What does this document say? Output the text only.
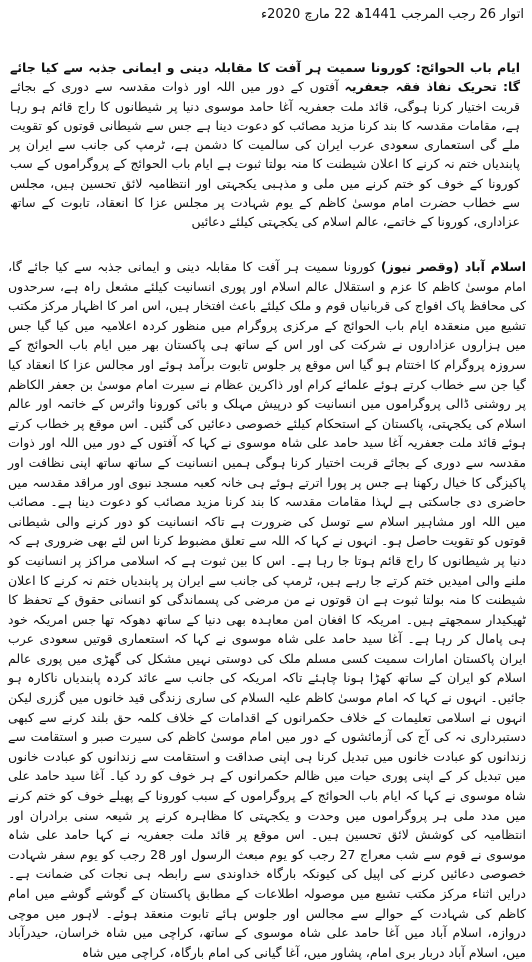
اتوار 26 رجب المرجب 1441ھ 22 مارچ 2020ء

ایام باب الحوائج: کورونا سمیت ہر آفت کا مقابلہ دینی و ایمانی جذبہ سے کیا جائے گا: تحریک نفاذ فقہ جعفریہ آفتوں کے دور میں اللہ اور ذوات مقدسہ سے دوری کے بجائے قربت اختیار کرنا ہوگی، قائد ملت جعفریہ آغا حامد موسوی دنیا پر شیطانوں کا راج قائم ہو رہا ہے، مقامات مقدسہ کا بند کرنا مزید مصائب کو دعوت دینا ہے جس سے شیطانی قوتوں کو تقویت ملے گی استعماری سعودی عرب ایران کی سالمیت کا دشمن ہے، ٹرمپ کی جانب سے ایران پر پابندیاں ختم نہ کرنے کا اعلان شیطنت کا منہ بولتا ثبوت ہے ایام باب الحوائج کے پروگراموں کے سب کورونا کے خوف کو ختم کرنے میں ملی و مذہبی یکجہتی اور انتظامیہ لائق تحسین ہیں، مجلس سے خطاب حضرت امام موسیٰ کاظم کے یوم شہادت پر مجلس عزا کا انعقاد، تابوت کے ساتھ عزاداری، کورونا کے خاتمے، عالم اسلام کی یکجہتی کیلئے دعائیں

اسلام آباد (وقصر نیوز) کورونا سمیت ہر آفت کا مقابلہ دینی و ایمانی جذبہ سے کیا جائے گا، امام موسیٰ کاظم کا عزم و استقلال عالم اسلام اور پوری انسانیت کیلئے مشعل راہ ہے، سرحدوں کی محافظ پاک افواج کی قربانیاں قوم و ملک کیلئے باعث افتخار ہیں، اس امر کا اظہار مرکز مکتب تشیع میں منعقدہ ایام باب الحوائج کے مرکزی پروگرام میں منظور کردہ اعلامیہ میں کیا گیا جس میں ہزاروں عزاداروں نے شرکت کی اور اس کے ساتھ ہی پاکستان بھر میں ایام باب الحوائج کے سروزہ پروگرام کا اختتام ہو گیا اس موقع پر جلوس تابوت برآمد ہوئے اور مجالس عزا کا انعقاد کیا گیا جن سے خطاب کرتے ہوئے علمائے کرام اور ذاکرین عظام نے سیرت امام موسیٰ بن جعفر الکاظم پر روشنی ڈالی پروگراموں میں انسانیت کو درپیش مہلک و بائی کورونا وائرس کے خاتمہ اور عالم اسلام کی یکجہتی، پاکستان کے استحکام کیلئے خصوصی دعائیں کی گئیں۔ اس موقع پر خطاب کرتے ہوئے قائد ملت جعفریہ آغا سید حامد علی شاہ موسوی نے کہا کہ آفتوں کے دور میں اللہ اور ذوات مقدسہ سے دوری کے بجائے قربت اختیار کرنا ہوگی ہمیں انسانیت کے ساتھ ساتھ اپنی نظافت اور پاکیزگی کا خیال رکھنا ہے جس پر پورا اترتے ہوئے ہی خانہ کعبہ مسجد نبوی اور مراقد مقدسہ میں حاضری دی جاسکتی ہے لہذا مقامات مقدسہ کا بند کرنا مزید مصائب کو دعوت دینا ہے۔ مصائب میں اللہ اور مشاہیر اسلام سے توسل کی ضرورت ہے تاکہ انسانیت کو دور کرنے والی شیطانی قوتوں کو تقویت حاصل ہو۔ انہوں نے کہا کہ اللہ سے تعلق مضبوط کرنا اس لئے بھی ضروری ہے کہ دنیا پر شیطانوں کا راج قائم ہوتا جا رہا ہے۔ اس کا بین ثبوت ہے کہ اسلامی مراکز پر انسانیت کو ملنے والی امیدیں ختم کرتے جا رہے ہیں، ٹرمپ کی جانب سے ایران پر پابندیاں ختم نہ کرنے کا اعلان شیطنت کا منہ بولتا ثبوت ہے ان قوتوں نے من مرضی کی پسماندگی کو انسانی حقوق کے تحفظ کا ٹھیکیدار سمجھتے ہیں۔ امریکہ کا افغان امن معاہدہ بھی دنیا کے ساتھ دھوکہ تھا جس امریکہ خود ہی پامال کر رہا ہے۔ آغا سید حامد علی شاہ موسوی نے کہا کہ استعماری قوتیں سعودی عرب ایران پاکستان امارات سمیت کسی مسلم ملک کی دوستی نہیں مشکل کی گھڑی میں پوری عالم اسلام کو ایران کے ساتھ کھڑا ہونا چاہئے تاکہ امریکہ کی جانب سے عائد کردہ پابندیاں ناکارہ ہو جائیں۔ انہوں نے کہا کہ امام موسیٰ کاظم علیہ السلام کی ساری زندگی قید خانوں میں گزری لیکن انہوں نے اسلامی تعلیمات کے خلاف حکمرانوں کے اقدامات کے خلاف کلمہ حق بلند کرنے سے کبھی دستبرداری نہ کی آج کی آزمائشوں کے دور میں امام موسیٰ کاظم کی سیرت صبر و استقامت سے زندانوں کو عبادت خانوں میں تبدیل کرنا ہی اپنی صداقت و استقامت سے زندانوں کو عبادت خانوں میں تبدیل کر کے اپنی پوری حیات میں ظالم حکمرانوں کے ہر خوف کو رد کیا۔ آغا سید حامد علی شاہ موسوی نے کہا کہ ایام باب الحوائج کے پروگراموں کے سبب کورونا کے پھیلے خوف کو ختم کرنے میں مدد ملی ہر پروگراموں میں وحدت و یکجہتی کا مظاہرہ کرنے پر شیعہ سنی برادران اور انتظامیہ کی کوشش لائق تحسین ہیں۔ اس موقع پر قائد ملت جعفریہ نے کہا حامد علی شاہ موسوی نے قوم سے شب معراج 27 رجب کو یوم مبعث الرسول اور 28 رجب کو یوم سفر شہادت خصوصی دعائیں کرنے کی اپیل کی کیونکہ بارگاہ خداوندی سے رابطہ ہی نجات کی ضمانت ہے۔ درایں اثناء مرکز مکتب تشیع میں موصولہ اطلاعات کے مطابق پاکستان کے گوشے گوشے میں امام کاظم کی شہادت کے حوالے سے مجالس اور جلوس ہائے تابوت منعقد ہوئے۔ لاہور میں موچی دروازہ، اسلام آباد میں آغا حامد علی شاہ موسوی کے ساتھ، کراچی میں شاہ خراسان، حیدرآباد میں، اسلام آباد دربار بری امام، پشاور میں، آغا گیانی کی امام بارگاہ، کراچی میں شاہ
